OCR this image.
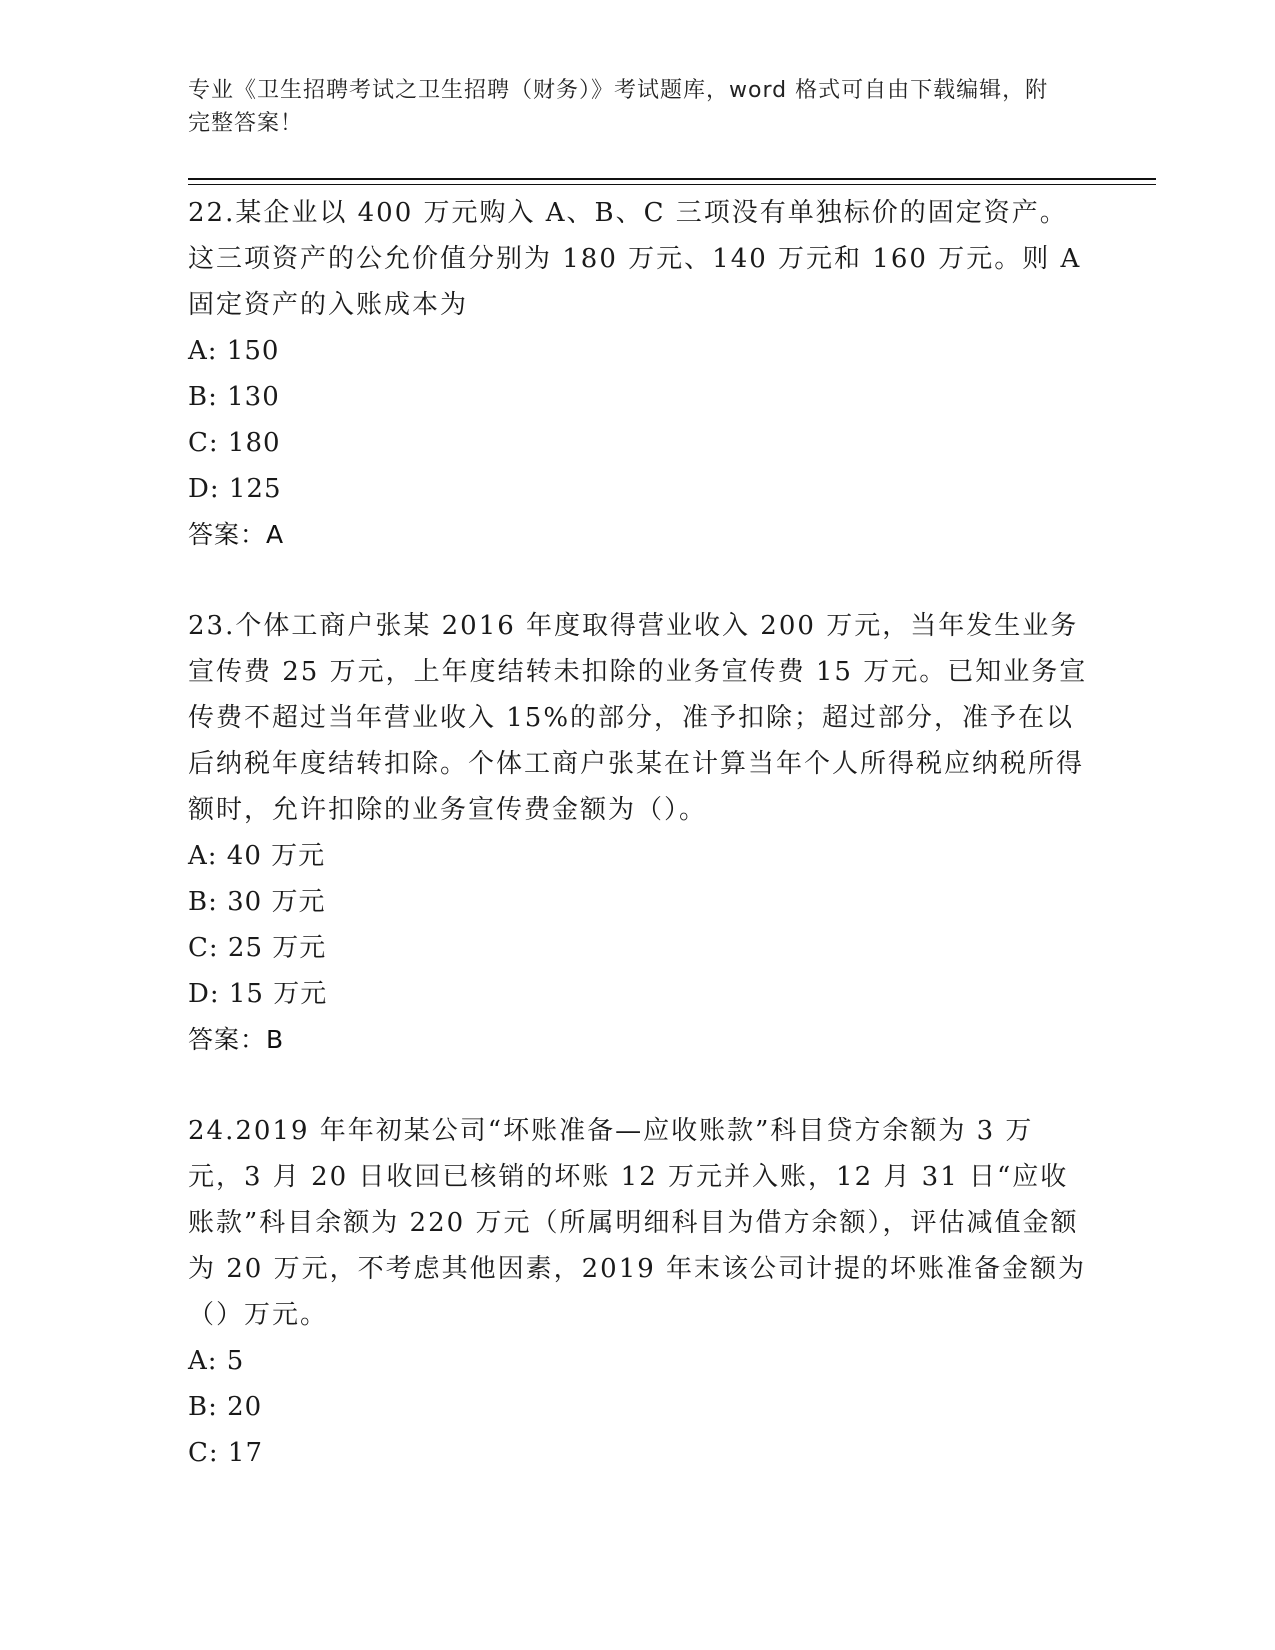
专业《卫生招聘考试之卫生招聘（财务）》考试题库，word 格式可自由下载编辑，附完整答案！

22.某企业以 400 万元购入 A、B、C 三项没有单独标价的固定资产。这三项资产的公允价值分别为 180 万元、140 万元和 160 万元。则 A 固定资产的入账成本为

A: 150

B: 130

C: 180

D: 125

答案：A

23.个体工商户张某 2016 年度取得营业收入 200 万元，当年发生业务宣传费 25 万元，上年度结转未扣除的业务宣传费 15 万元。已知业务宣传费不超过当年营业收入 15%的部分，准予扣除；超过部分，准予在以后纳税年度结转扣除。个体工商户张某在计算当年个人所得税应纳税所得额时，允许扣除的业务宣传费金额为（）。

A: 40 万元

B: 30 万元

C: 25 万元

D: 15 万元

答案：B

24.2019 年年初某公司“坏账准备—应收账款”科目贷方余额为 3 万元，3 月 20 日收回已核销的坏账 12 万元并入账，12 月 31 日“应收账款”科目余额为 220 万元（所属明细科目为借方余额），评估减值金额为 20 万元，不考虑其他因素，2019 年末该公司计提的坏账准备金额为（）万元。

A: 5

B: 20

C: 17
